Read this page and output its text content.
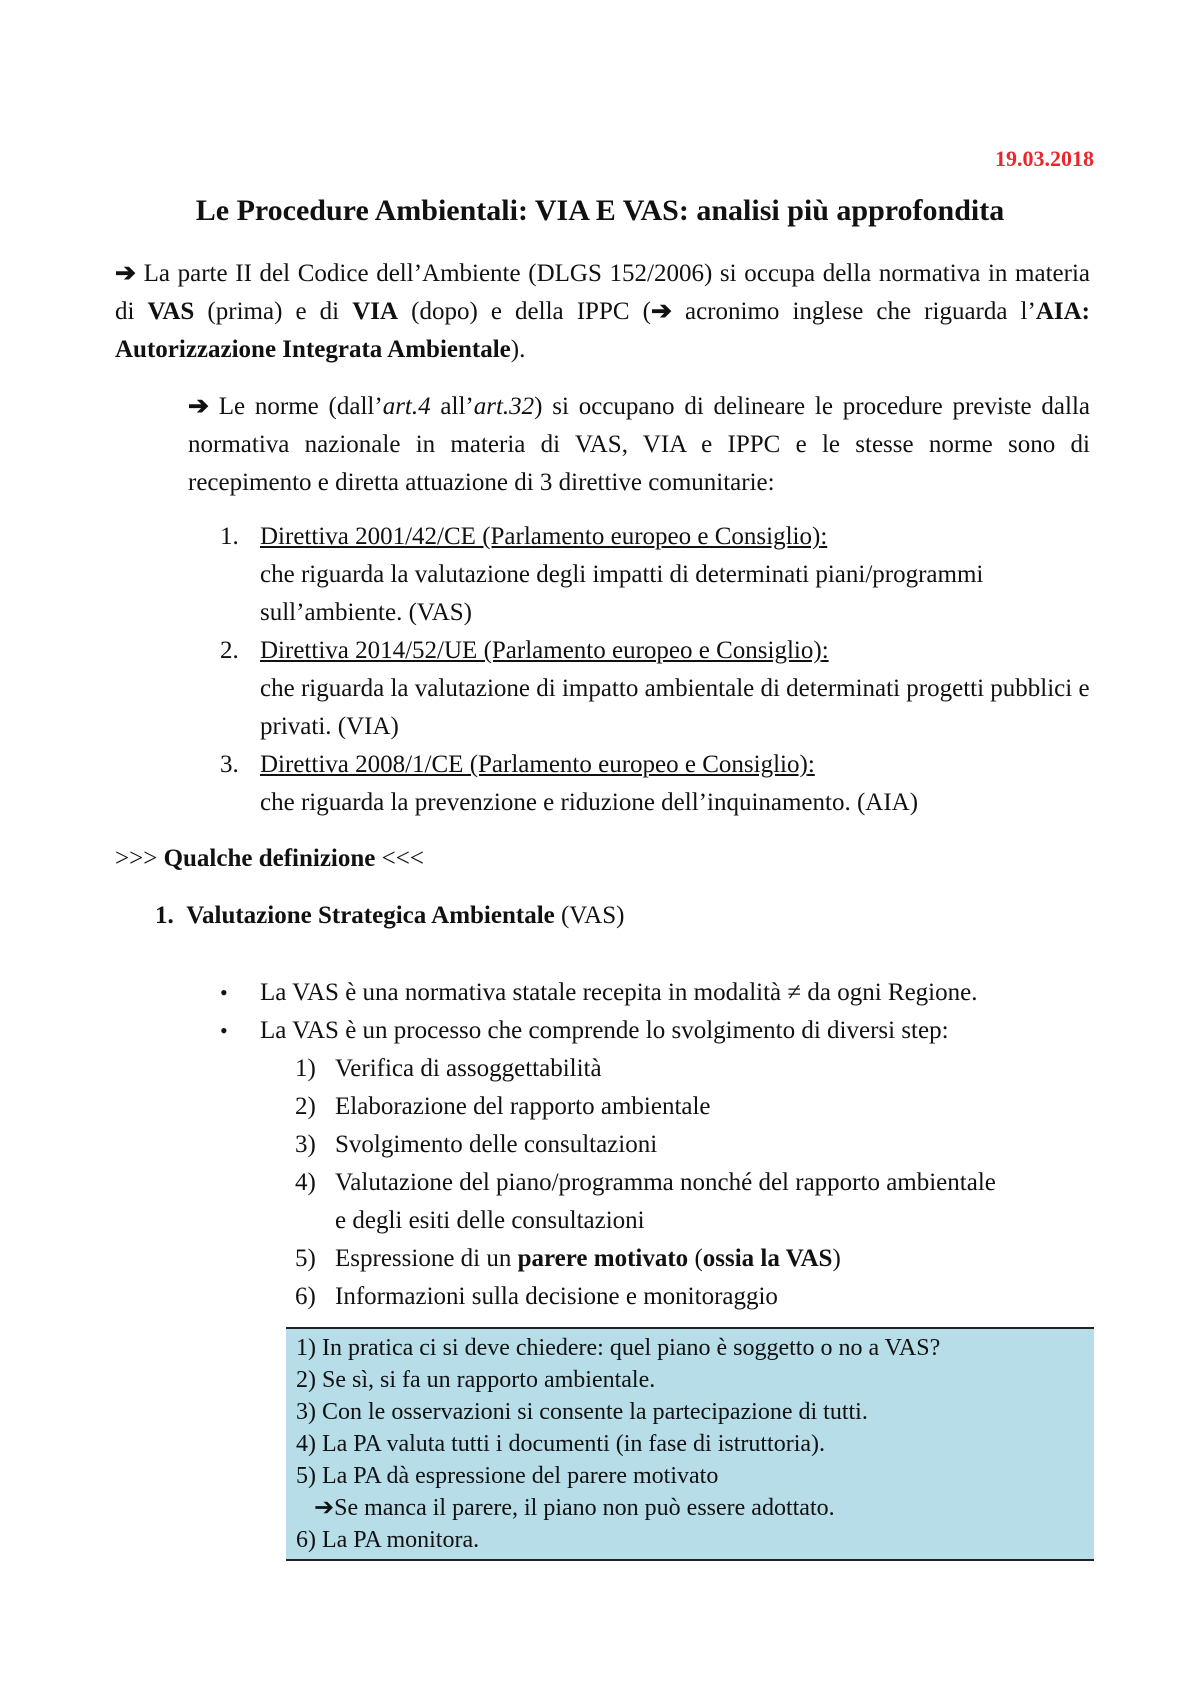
19.03.2018
Le Procedure Ambientali: VIA E VAS: analisi più approfondita
➔ La parte II del Codice dell’Ambiente (DLGS 152/2006) si occupa della normativa in materia di VAS (prima) e di VIA (dopo) e della IPPC (➔ acronimo inglese che riguarda l’AIA: Autorizzazione Integrata Ambientale).
➔ Le norme (dall’art.4 all’art.32) si occupano di delineare le procedure previste dalla normativa nazionale in materia di VAS, VIA e IPPC e le stesse norme sono di recepimento e diretta attuazione di 3 direttive comunitarie:
1. Direttiva 2001/42/CE (Parlamento europeo e Consiglio):
che riguarda la valutazione degli impatti di determinati piani/programmi sull’ambiente. (VAS)
2. Direttiva 2014/52/UE (Parlamento europeo e Consiglio):
che riguarda la valutazione di impatto ambientale di determinati progetti pubblici e privati. (VIA)
3. Direttiva 2008/1/CE (Parlamento europeo e Consiglio):
che riguarda la prevenzione e riduzione dell’inquinamento. (AIA)
>>> Qualche definizione <<<
1. Valutazione Strategica Ambientale (VAS)
• La VAS è una normativa statale recepita in modalità ≠ da ogni Regione.
• La VAS è un processo che comprende lo svolgimento di diversi step:
1) Verifica di assoggettabilità
2) Elaborazione del rapporto ambientale
3) Svolgimento delle consultazioni
4) Valutazione del piano/programma nonché del rapporto ambientale
e degli esiti delle consultazioni
5) Espressione di un parere motivato (ossia la VAS)
6) Informazioni sulla decisione e monitoraggio
1) In pratica ci si deve chiedere: quel piano è soggetto o no a VAS?
2) Se sì, si fa un rapporto ambientale.
3) Con le osservazioni si consente la partecipazione di tutti.
4) La PA valuta tutti i documenti (in fase di istruttoria).
5) La PA dà espressione del parere motivato
➔Se manca il parere, il piano non può essere adottato.
6) La PA monitora.
